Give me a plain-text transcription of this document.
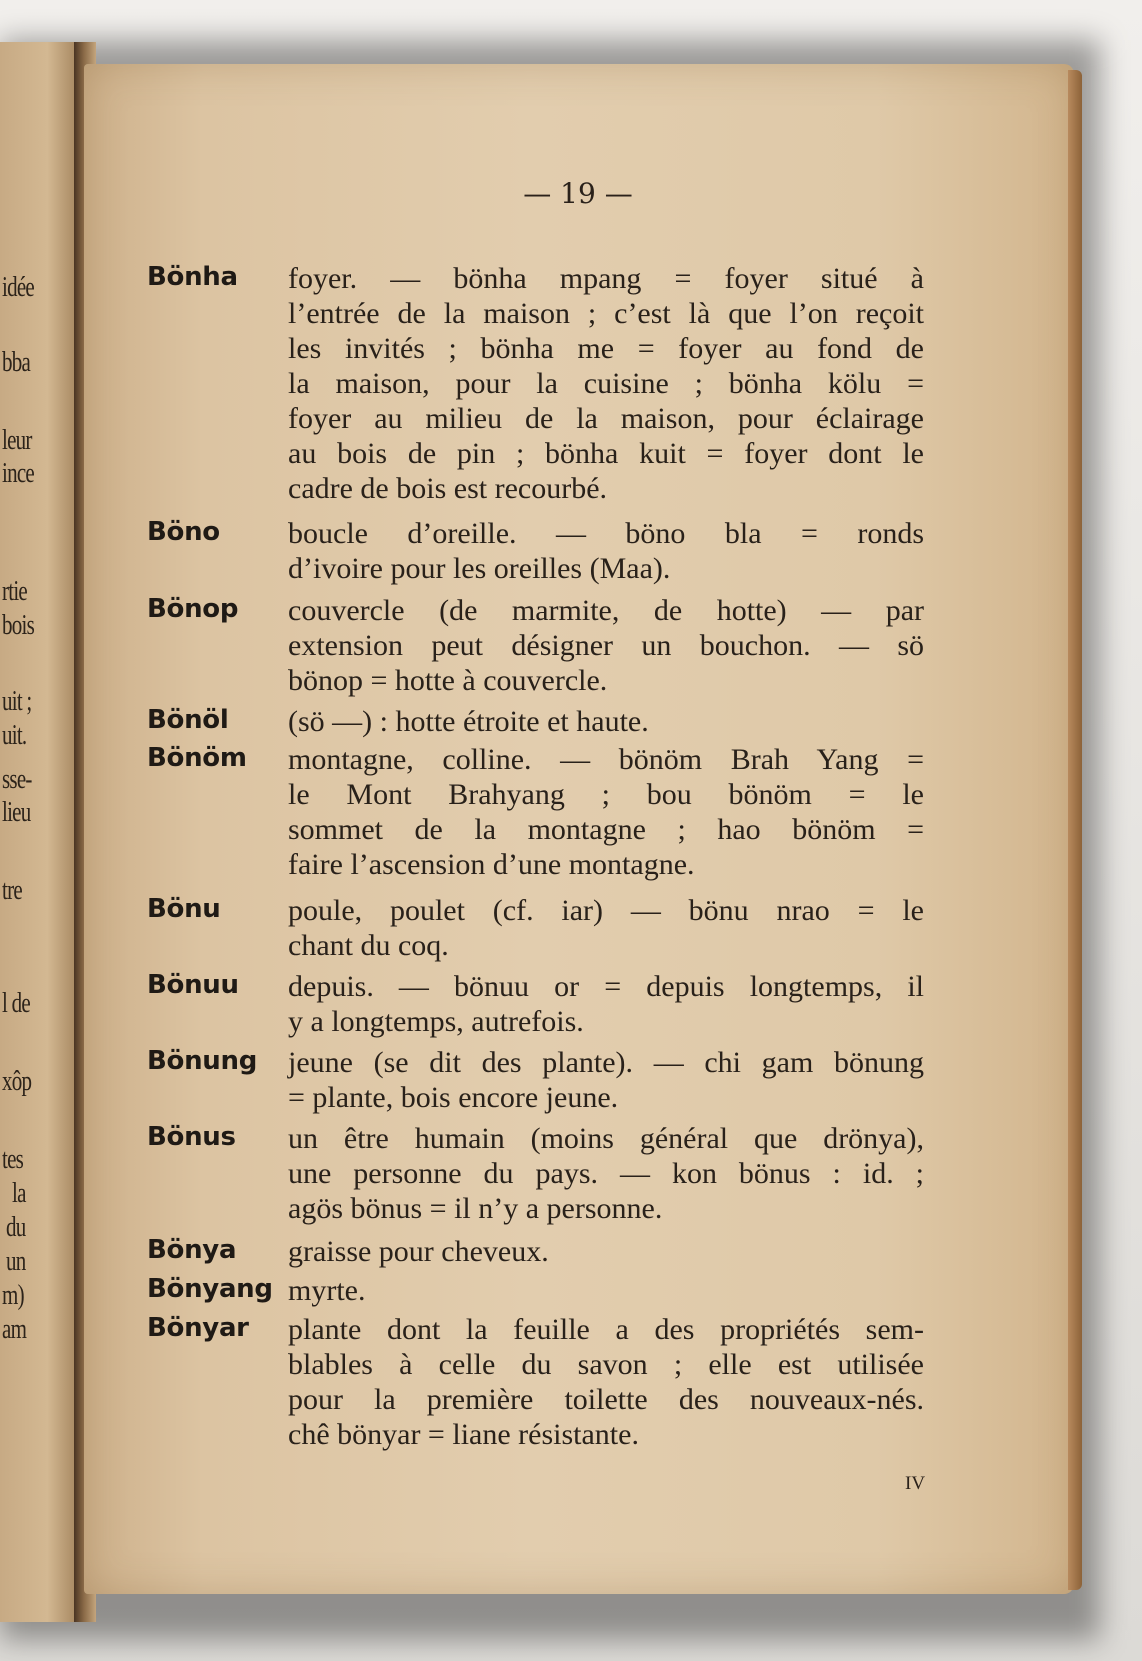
idée
bba
leur
ince
rtie
bois
uit ;
uit.
sse-
lieu
tre
l de
xôp
tes
la
du
un
m)
am
— 19 —
Bönha foyer. — bönha mpang = foyer situé à
l’entrée de la maison ; c’est là que l’on reçoit
les invités ; bönha me = foyer au fond de
la maison, pour la cuisine ; bönha kölu =
foyer au milieu de la maison, pour éclairage
au bois de pin ; bönha kuit = foyer dont le
cadre de bois est recourbé.
Böno boucle d’oreille. — böno bla = ronds
d’ivoire pour les oreilles (Maa).
Bönop couvercle (de marmite, de hotte) — par
extension peut désigner un bouchon. — sö
bönop = hotte à couvercle.
Bönöl (sö —) : hotte étroite et haute.
Bönöm montagne, colline. — bönöm Brah Yang =
le Mont Brahyang ; bou bönöm = le
sommet de la montagne ; hao bönöm =
faire l’ascension d’une montagne.
Bönu poule, poulet (cf. iar) — bönu nrao = le
chant du coq.
Bönuu depuis. — bönuu or = depuis longtemps, il
y a longtemps, autrefois.
Bönung jeune (se dit des plante). — chi gam bönung
= plante, bois encore jeune.
Bönus un être humain (moins général que drönya),
une personne du pays. — kon bönus : id. ;
agös bönus = il n’y a personne.
Bönya graisse pour cheveux.
Bönyang myrte.
Bönyar plante dont la feuille a des propriétés sem-
blables à celle du savon ; elle est utilisée
pour la première toilette des nouveaux-nés.
chê bönyar = liane résistante.
IV
